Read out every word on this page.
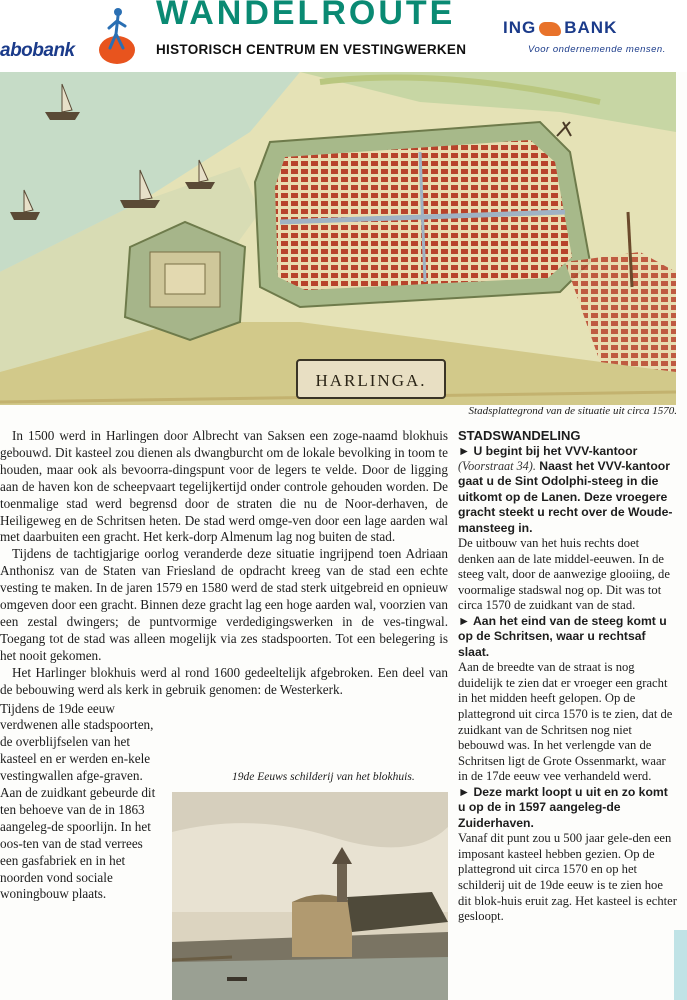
abobank
WANDELROUTE
HISTORISCH CENTRUM EN VESTINGWERKEN
ING BANK
Voor ondernemende mensen.
HARLINGA.
Stadsplattegrond van de situatie uit circa 1570.

In 1500 werd in Harlingen door Albrecht van Saksen een zoge-naamd blokhuis gebouwd. Dit kasteel zou dienen als dwangburcht om de lokale bevolking in toom te houden, maar ook als bevoorra-dingspunt voor de legers te velde. Door de ligging aan de haven kon de scheepvaart tegelijkertijd onder controle gehouden worden. De toenmalige stad werd begrensd door de straten die nu de Noor-derhaven, de Heiligeweg en de Schritsen heten. De stad werd omge-ven door een lage aarden wal met daarbuiten een gracht. Het kerk-dorp Almenum lag nog buiten de stad.

Tijdens de tachtigjarige oorlog veranderde deze situatie ingrijpend toen Adriaan Anthonisz van de Staten van Friesland de opdracht kreeg van de stad een echte vesting te maken. In de jaren 1579 en 1580 werd de stad sterk uitgebreid en opnieuw omgeven door een gracht. Binnen deze gracht lag een hoge aarden wal, voorzien van een zestal dwingers; de puntvormige verdedigingswerken in de ves-tingwal. Toegang tot de stad was alleen mogelijk via zes stadspoorten. Tot een belegering is het nooit gekomen.

Het Harlinger blokhuis werd al rond 1600 gedeeltelijk afgebroken. Een deel van de bebouwing werd als kerk in gebruik genomen: de Westerkerk.

Tijdens de 19de eeuw verdwenen alle stadspoorten, de overblijfselen van het kasteel en er werden en-kele vestingwallen afge-graven. Aan de zuidkant gebeurde dit ten behoeve van de in 1863 aangeleg-de spoorlijn. In het oos-ten van de stad verrees een gasfabriek en in het noorden vond sociale woningbouw plaats.

19de Eeuws schilderij van het blokhuis.
STADSWANDELING

► U begint bij het VVV-kantoor (Voorstraat 34). Naast het VVV-kantoor gaat u de Sint Odolphi-steeg in die uitkomt op de Lanen. Deze vroegere gracht steekt u recht over de Woude-mansteeg in.

De uitbouw van het huis rechts doet denken aan de late middel-eeuwen. In de steeg valt, door de aanwezige glooiing, de voormalige stadswal nog op. Dit was tot circa 1570 de zuidkant van de stad.

► Aan het eind van de steeg komt u op de Schritsen, waar u rechtsaf slaat.

Aan de breedte van de straat is nog duidelijk te zien dat er vroeger een gracht in het midden heeft gelopen. Op de plattegrond uit circa 1570 is te zien, dat de zuidkant van de Schritsen nog niet bebouwd was. In het verlengde van de Schritsen ligt de Grote Ossenmarkt, waar in de 17de eeuw vee verhandeld werd.

► Deze markt loopt u uit en zo komt u op de in 1597 aangeleg-de Zuiderhaven.

Vanaf dit punt zou u 500 jaar gele-den een imposant kasteel hebben gezien. Op de plattegrond uit circa 1570 en op het schilderij uit de 19de eeuw is te zien hoe dit blok-huis eruit zag. Het kasteel is echter gesloopt.
